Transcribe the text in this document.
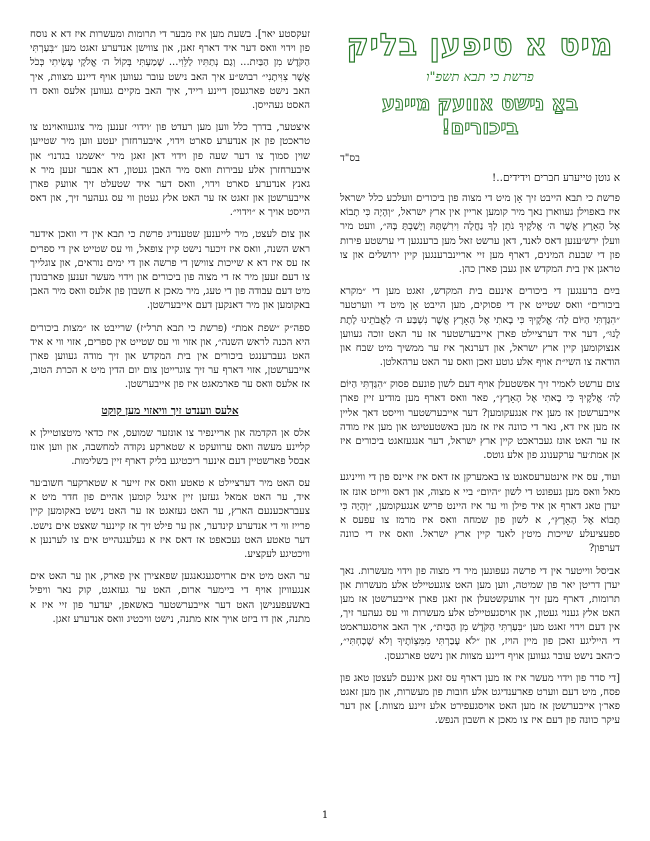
מיט א טיפען בליק
פרשת כי תבא תשפ"ו
באַ נישט אוועק מיינע ביכורים!
בס"ד
א גוטן טייערע חברים וידידים..!

פרשת כי תבא הייבט זיך אָן מיט די מצוה פון ביכורים וועלכע כלל ישראל איז באפוילן געווארן נאך מיר קומען אריין אין ארץ ישראל, ״וְהָיָה כִּי תָבוֹא אֶל הָאָרֶץ אֲשֶׁר ה׳ אֱלֹקֶיךָ נֹתֵן לְךָ נַחֲלָה וִירִשְׁתָּהּ וְיָשַׁבְתָּ בָּהּ״, וועט מיר וועלן ירש׳ענען דאס לאנד, דאן ערשט זאל מען ברענגען די ערשטע פירות פון די שבעת המינים, דארף מען זיי אריינברענגען קיין ירושלים און צו טראגן אין בית המקדש און געבן פארן כהן.

בײַם ברענגען די ביכורים אינעם בית המקדש, זאגט מען די ״מקרא ביכורים״ וואס שטייט אין די פסוקים, מען הייבט אָן מיט די ווערטער ״הִגַּדְתִּי הַיּוֹם לַה׳ אֱלֹקֶיךָ כִּי בָאתִי אֶל הָאָרֶץ אֲשֶׁר נִשְׁבַּע ה׳ לַאֲבֹתֵינוּ לָתֶת לָנוּ״, דער איד דערציילט פארן אייבערשטער אז ער האט זוכה געווען אנצוקומען קיין ארץ ישראל, און דערנאך איז ער ממשיך מיט שבח און הודאה צו השי״ת אויף אלע גוטע זאכן וואס ער האט ערהאלטן.

צום ערשט לאמיר זיך אפשטעלן אויף דעם לשון פונעם פסוק ״הִגַּדְתִּי הַיּוֹם לַה׳ אֱלֹקֶיךָ כִּי בָאתִי אֶל הָאָרֶץ״, פאר וואס דארף מען מודיע זיין פארן אייבערשטן אז מען איז אנגעקומען? דער אייבערשטער ווייסט דאך אליין אז מען איז דא, נאר די כוונה איז אז מען באשטעטיגט און מען איז מודה אז ער האט אונז געבראכט קיין ארץ ישראל, דער אנגעזאגט ביכורים איז אן אמת׳ער ערקענונג פון אלע גוטס.

ועוד, עס איז אינטערעסאנט צו באמערקן אז דאס איז איינס פון די ווייניגע מאל וואס מען געפונט די לשון ״היום״ ביי א מצוה, און דאס ווייזט אונז אז יעדן טאג דארף אן איד פילן ווי ער איז היינט פריש אנגעקומען, ״וְהָיָה כִּי תָבוֹא אֶל הָאָרֶץ״, א לשון פון שמחה וואס איז מרמז צו עפעס א ספעציעלע שייכות מיט׳ן לאנד קיין ארץ ישראל. וואס איז די כוונה דערפון?

אביסל ווייטער אין די פרשה געפונען מיר די מצוה פון וידוי מעשרות. נאך יעדן דריטן יאר פון שמיטה, ווען מען האט צוגעטיילט אלע מעשרות און תרומות, דארף מען זיך אוועקשטעלן און זאגן פארן אייבערשטן אז מען האט אלץ גענוי געטון, און אויסגעטיילט אלע מעשרות ווי עס געהער זיך, אין דעם וידוי זאגט מען ״בִּעַרְתִּי הַקֹּדֶשׁ מִן הַבַּיִת״, איך האב אויסגעראמט די הייליגע זאכן פון מיין הויז, און ״לֹא עָבַרְתִּי מִמִּצְוֹתֶיךָ וְלֹא שָׁכָחְתִּי״, כ׳האב נישט עובר געווען אויף דיינע מצוות און נישט פארגעסן.

[די סדר פון וידוי מעשר איז אז מען דארף עס זאגן אינעם לעצטן טאג פון פסח, מיט דעם ווערט פארענדיגט אלע חובות פון מעשרות, און מען זאגט פאר׳ן אייבערשטן אז מען האט אויסגעפירט אלע זיינע מצוות.] און דער עיקר כוונה פון דעם איז צו מאכן א חשבון הנפש.

זעקסטע יאר]. בשעת מען איז מבער די תרומות ומעשרות איז דא א נוסח פון וידוי וואס דער איד דארף זאגן, און צווישן אנדערע זאגט מען ״בִּעַרְתִּי הַקֹּדֶשׁ מִן הַבַּיִת... וְגַם נְתַתִּיו לַלֵּוִי... שָׁמַעְתִּי בְּקוֹל ה׳ אֱלֹקָי עָשִׂיתִי כְּכֹל אֲשֶׁר צִוִּיתָנִי״ רבוש״ע איך האב נישט עובר געווען אויף דיינע מצוות, איך האב נישט פארגעסן דיינע רייד, איך האב מקיים געווען אלעס וואס דו האסט געהייסן.

איצטער, בדרך כלל ווען מען רעדט פון ׳וידוי׳ זענען מיר צוגעוואוינט צו טראכטן פון אן אנדערע סארט וידוי, איבערחזרן יעטע ווען מיר שטייען שוין סמוך צו דער שעה פון וידוי דאן זאגן מיר ״אשמנו בגדנו״ און איבערחזרן אלע עבירות וואס מיר האבן געטון, דא אבער זעען מיר א גאנץ אנדערע סארט וידוי, וואס דער איד שטעלט זיך אוועק פארן אייבערשטן און זאגט אז ער האט אלץ געטון ווי עס געהער זיך, און דאס הייסט אויך א ״וידוי״.

און צום לעצט, מיר לייענען שטענדיג פרשת כי תבא אין די וואכן אידער ראש השנה, וואס איז זיכער נישט קיין צופאל, ווי עס שטייט אין די ספרים אז עס איז דא א שייכות צווישן די פרשה און די ימים נוראים, און צוגלייך צו דעם זעען מיר אז די מצוה פון ביכורים און וידוי מעשר זענען פארבונדן מיט דעם עבודה פון די טעג, מיר מאכן א חשבון פון אלעס וואס מיר האבן באקומען און מיר דאנקען דעם אייבערשטן.

ספה״ק ״שפת אמת״ (פרשת כי תבא תרל״ז) שרייבט אז ״מצות ביכורים היא הכנה לראש השנה״, און אזוי ווי עס שטייט אין ספרים, אזוי ווי א איד האט געברענגט ביכורים אין בית המקדש און זיך מודה געווען פארן אייבערשטן, אזוי דארף ער זיך צוגרייטן צום יום הדין מיט א הכרת הטוב, אז אלעס וואס ער פארמאגט איז פון אייבערשטן.

אלעס ווענדט זיך וויאזוי מען קוקט

אלס אן הקדמה און אריינפיר צו אונזער שמועס, איז כדאי מיטצוטיילן א קלײנע מעשה וואס ערוועקט א שטארקע נקודה למחשבה, און ווען אונז אבסל פארשטיין דעם אינער ריכטיגע בליק דארף זיין בשלימות.

עס האט מיר דערציילט א טאטע וואס איז זייער א שטארקער חשוב׳ער איד, ער האט אמאל געזען זיין אינגל קומען אהיים פון חדר מיט א צעבראכענעם הארץ, ער האט געזאגט אז ער האט נישט באקומען קיין פרייז ווי די אנדערע קינדער, און ער פילט זיך אז קיינער שאצט אים נישט. דער טאטע האט געכאפט אז דאס איז א געלעגנהייט אים צו לערנען א וויכטיגע לעקציע.

ער האט מיט אים ארויסגעגאנגען שפאצירן אין פארק, און ער האט אים אנגעוויזן אויף די ביימער ארום, האט ער געזאגט, קוק נאר וויפיל באשעפענישן האט דער אייבערשטער באשאפן, יעדער פון זיי איז א מתנה, און דו ביזט אויך אזא מתנה, נישט וויכטיג וואס אנדערע זאגן.

1
